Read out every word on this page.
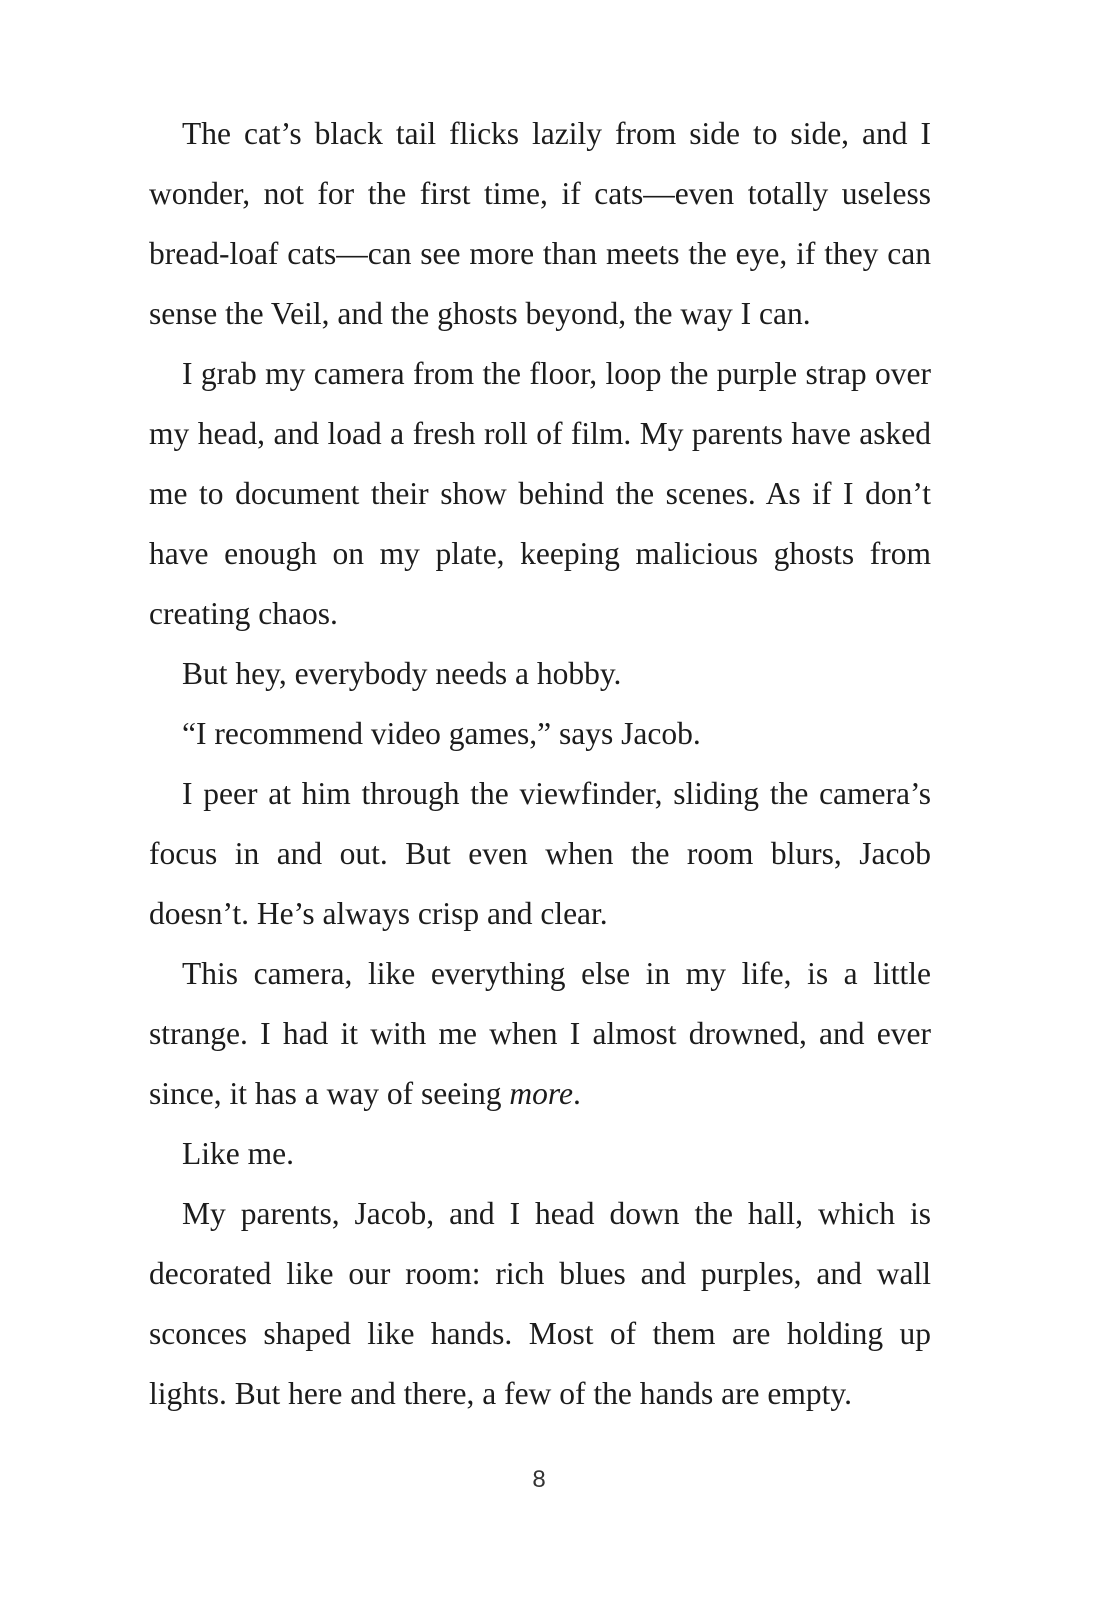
The cat’s black tail flicks lazily from side to side, and I wonder, not for the first time, if cats—even totally useless bread-loaf cats—can see more than meets the eye, if they can sense the Veil, and the ghosts beyond, the way I can.

I grab my camera from the floor, loop the purple strap over my head, and load a fresh roll of film. My parents have asked me to document their show behind the scenes. As if I don’t have enough on my plate, keeping malicious ghosts from creating chaos.

But hey, everybody needs a hobby.

“I recommend video games,” says Jacob.

I peer at him through the viewfinder, sliding the camera’s focus in and out. But even when the room blurs, Jacob doesn’t. He’s always crisp and clear.

This camera, like everything else in my life, is a little strange. I had it with me when I almost drowned, and ever since, it has a way of seeing more.

Like me.

My parents, Jacob, and I head down the hall, which is decorated like our room: rich blues and purples, and wall sconces shaped like hands. Most of them are holding up lights. But here and there, a few of the hands are empty.

8
